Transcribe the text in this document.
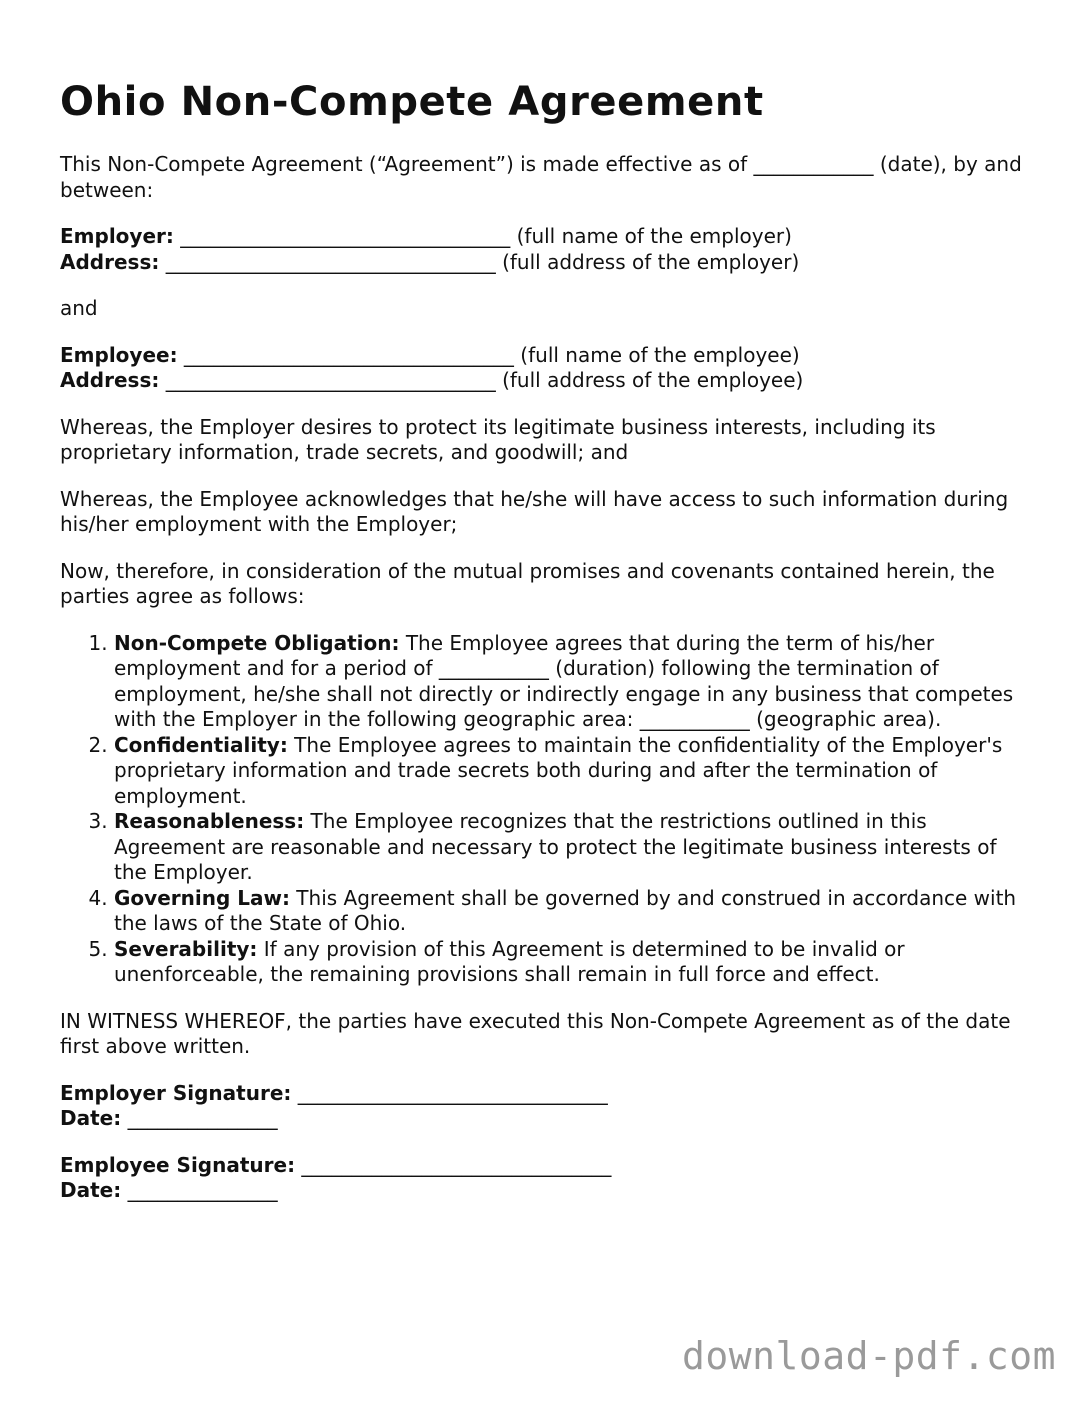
Ohio Non-Compete Agreement

This Non-Compete Agreement (“Agreement”) is made effective as of ____________ (date), by and between:

Employer: _________________________________ (full name of the employer)
Address: _________________________________ (full address of the employer)

and

Employee: _________________________________ (full name of the employee)
Address: _________________________________ (full address of the employee)

Whereas, the Employer desires to protect its legitimate business interests, including its proprietary information, trade secrets, and goodwill; and

Whereas, the Employee acknowledges that he/she will have access to such information during his/her employment with the Employer;

Now, therefore, in consideration of the mutual promises and covenants contained herein, the parties agree as follows:

1. Non-Compete Obligation: The Employee agrees that during the term of his/her employment and for a period of ___________ (duration) following the termination of employment, he/she shall not directly or indirectly engage in any business that competes with the Employer in the following geographic area: ___________ (geographic area).
2. Confidentiality: The Employee agrees to maintain the confidentiality of the Employer's proprietary information and trade secrets both during and after the termination of employment.
3. Reasonableness: The Employee recognizes that the restrictions outlined in this Agreement are reasonable and necessary to protect the legitimate business interests of the Employer.
4. Governing Law: This Agreement shall be governed by and construed in accordance with the laws of the State of Ohio.
5. Severability: If any provision of this Agreement is determined to be invalid or unenforceable, the remaining provisions shall remain in full force and effect.

IN WITNESS WHEREOF, the parties have executed this Non-Compete Agreement as of the date first above written.

Employer Signature: _______________________________
Date: _______________
Employee Signature: _______________________________
Date: _______________
download-pdf.com
